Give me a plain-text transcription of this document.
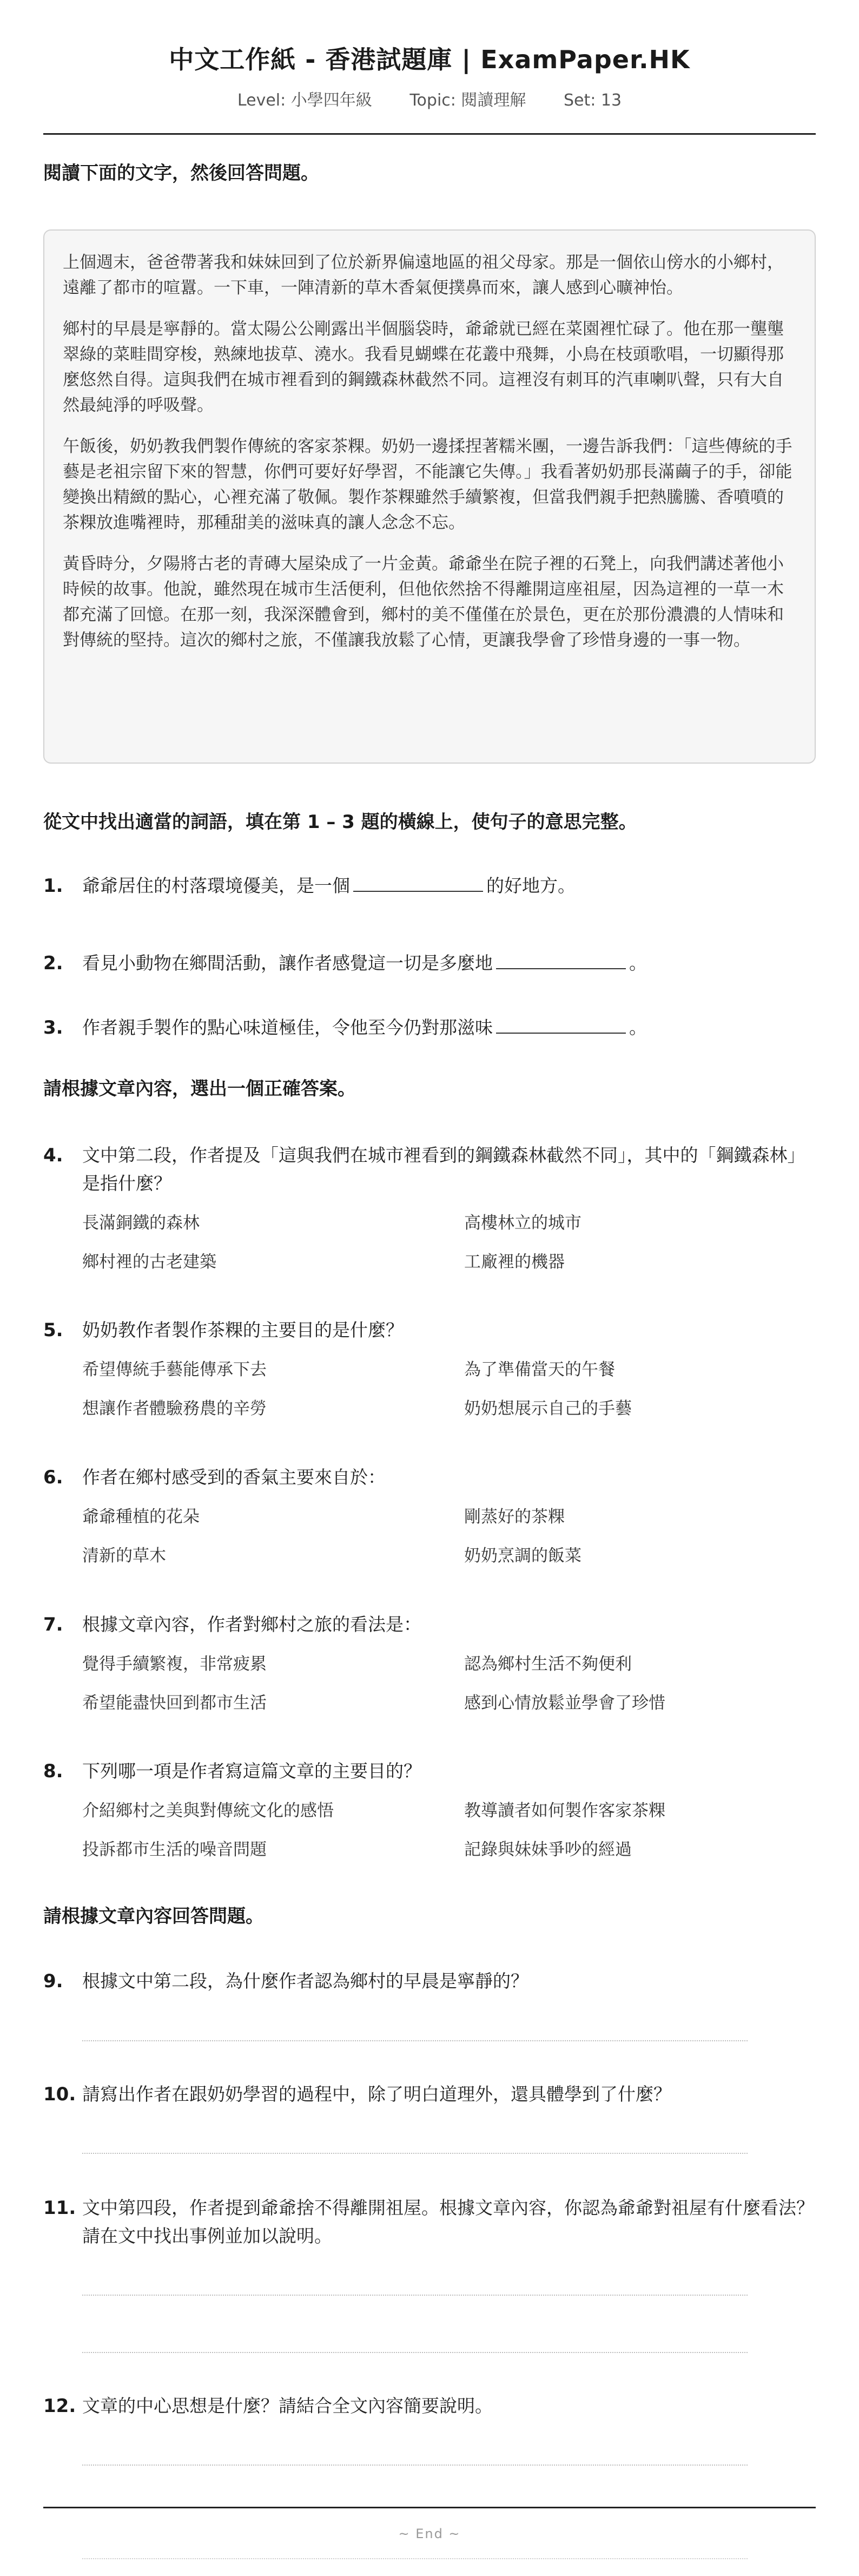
中文工作紙 - 香港試題庫 | ExamPaper.HK
Level: 小學四年級 Topic: 閱讀理解 Set: 13
閱讀下面的文字，然後回答問題。

上個週末，爸爸帶著我和妹妹回到了位於新界偏遠地區的祖父母家。那是一個依山傍水的小鄉村，遠離了都市的喧囂。一下車，一陣清新的草木香氣便撲鼻而來，讓人感到心曠神怡。

鄉村的早晨是寧靜的。當太陽公公剛露出半個腦袋時，爺爺就已經在菜園裡忙碌了。他在那一壟壟翠綠的菜畦間穿梭，熟練地拔草、澆水。我看見蝴蝶在花叢中飛舞，小鳥在枝頭歌唱，一切顯得那麼悠然自得。這與我們在城市裡看到的鋼鐵森林截然不同。這裡沒有刺耳的汽車喇叭聲，只有大自然最純淨的呼吸聲。

午飯後，奶奶教我們製作傳統的客家茶粿。奶奶一邊揉捏著糯米團，一邊告訴我們：「這些傳統的手藝是老祖宗留下來的智慧，你們可要好好學習，不能讓它失傳。」我看著奶奶那長滿繭子的手，卻能變換出精緻的點心，心裡充滿了敬佩。製作茶粿雖然手續繁複，但當我們親手把熱騰騰、香噴噴的茶粿放進嘴裡時，那種甜美的滋味真的讓人念念不忘。

黃昏時分，夕陽將古老的青磚大屋染成了一片金黃。爺爺坐在院子裡的石凳上，向我們講述著他小時候的故事。他說，雖然現在城市生活便利，但他依然捨不得離開這座祖屋，因為這裡的一草一木都充滿了回憶。在那一刻，我深深體會到，鄉村的美不僅僅在於景色，更在於那份濃濃的人情味和對傳統的堅持。這次的鄉村之旅，不僅讓我放鬆了心情，更讓我學會了珍惜身邊的一事一物。

從文中找出適當的詞語，填在第 1 – 3 題的橫線上，使句子的意思完整。
1. 爺爺居住的村落環境優美，是一個	的好地方。
2. 看見小動物在鄉間活動，讓作者感覺這一切是多麼地	。
3. 作者親手製作的點心味道極佳，令他至今仍對那滋味	。
請根據文章內容，選出一個正確答案。
4. 文中第二段，作者提及「這與我們在城市裡看到的鋼鐵森林截然不同」，其中的「鋼鐵森林」是指什麼？
長滿銅鐵的森林	高樓林立的城市
鄉村裡的古老建築	工廠裡的機器
5. 奶奶教作者製作茶粿的主要目的是什麼？
希望傳統手藝能傳承下去	為了準備當天的午餐
想讓作者體驗務農的辛勞	奶奶想展示自己的手藝
6. 作者在鄉村感受到的香氣主要來自於：
爺爺種植的花朵	剛蒸好的茶粿
清新的草木	奶奶烹調的飯菜
7. 根據文章內容，作者對鄉村之旅的看法是：
覺得手續繁複，非常疲累	認為鄉村生活不夠便利
希望能盡快回到都市生活	感到心情放鬆並學會了珍惜
8. 下列哪一項是作者寫這篇文章的主要目的？
介紹鄉村之美與對傳統文化的感悟	教導讀者如何製作客家茶粿
投訴都市生活的噪音問題	記錄與妹妹爭吵的經過
請根據文章內容回答問題。
9. 根據文中第二段，為什麼作者認為鄉村的早晨是寧靜的？
10. 請寫出作者在跟奶奶學習的過程中，除了明白道理外，還具體學到了什麼？
11. 文中第四段，作者提到爺爺捨不得離開祖屋。根據文章內容，你認為爺爺對祖屋有什麼看法？請在文中找出事例並加以說明。
12. 文章的中心思想是什麼？請結合全文內容簡要說明。
~ End ~
